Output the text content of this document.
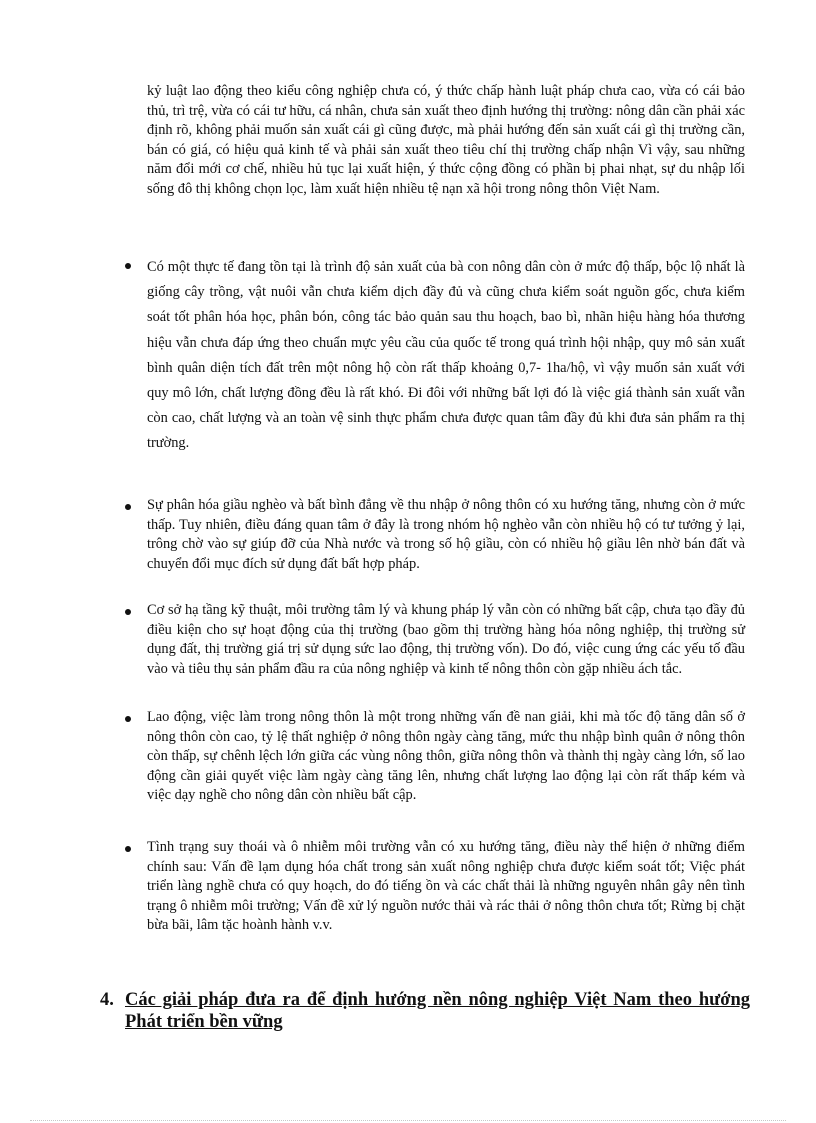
kỷ luật lao động theo kiểu công nghiệp chưa có, ý thức chấp hành luật pháp chưa cao, vừa có cái bảo thủ, trì trệ, vừa có cái tư hữu, cá nhân, chưa sản xuất theo định hướng thị trường: nông dân cần phải xác định rõ, không phải muốn sản xuất cái gì cũng được, mà phải hướng đến sản xuất cái gì thị trường cần, bán có giá, có hiệu quả kinh tế và phải sản xuất theo tiêu chí thị trường chấp nhận Vì vậy, sau những năm đổi mới cơ chế, nhiều hủ tục lại xuất hiện, ý thức cộng đồng có phần bị phai nhạt, sự du nhập lối sống đô thị không chọn lọc, làm xuất hiện nhiều tệ nạn xã hội trong nông thôn Việt Nam.

Có một thực tế đang tồn tại là trình độ sản xuất của bà con nông dân còn ở mức độ thấp, bộc lộ nhất là giống cây trồng, vật nuôi vẫn chưa kiểm dịch đầy đủ và cũng chưa kiểm soát nguồn gốc, chưa kiểm soát tốt phân hóa học, phân bón, công tác bảo quản sau thu hoạch, bao bì, nhãn hiệu hàng hóa thương hiệu vẫn chưa đáp ứng theo chuẩn mực yêu cầu của quốc tế trong quá trình hội nhập, quy mô sản xuất bình quân diện tích đất trên một nông hộ còn rất thấp khoảng 0,7- 1ha/hộ, vì vậy muốn sản xuất với quy mô lớn, chất lượng đồng đều là rất khó. Đi đôi với những bất lợi đó là việc giá thành sản xuất vẫn còn cao, chất lượng và an toàn vệ sinh thực phẩm chưa được quan tâm đầy đủ khi đưa sản phẩm ra thị trường.
Sự phân hóa giầu nghèo và bất bình đẳng về thu nhập ở nông thôn có xu hướng tăng, nhưng còn ở mức thấp. Tuy nhiên, điều đáng quan tâm ở đây là trong nhóm hộ nghèo vẫn còn nhiều hộ có tư tưởng ỷ lại, trông chờ vào sự giúp đỡ của Nhà nước và trong số hộ giầu, còn có nhiều hộ giầu lên nhờ bán đất và chuyển đổi mục đích sử dụng đất bất hợp pháp.
Cơ sở hạ tầng kỹ thuật, môi trường tâm lý và khung pháp lý vẫn còn có những bất cập, chưa tạo đầy đủ điều kiện cho sự hoạt động của thị trường (bao gồm thị trường hàng hóa nông nghiệp, thị trường sử dụng đất, thị trường giá trị sử dụng sức lao động, thị trường vốn). Do đó, việc cung ứng các yếu tố đầu vào và tiêu thụ sản phẩm đầu ra của nông nghiệp và kinh tế nông thôn còn gặp nhiều ách tắc.
Lao động, việc làm trong nông thôn là một trong những vấn đề nan giải, khi mà tốc độ tăng dân số ở nông thôn còn cao, tỷ lệ thất nghiệp ở nông thôn ngày càng tăng, mức thu nhập bình quân ở nông thôn còn thấp, sự chênh lệch lớn giữa các vùng nông thôn, giữa nông thôn và thành thị ngày càng lớn, số lao động cần giải quyết việc làm ngày càng tăng lên, nhưng chất lượng lao động lại còn rất thấp kém và việc dạy nghề cho nông dân còn nhiều bất cập.
Tình trạng suy thoái và ô nhiễm môi trường vẫn có xu hướng tăng, điều này thể hiện ở những điểm chính sau: Vấn đề lạm dụng hóa chất trong sản xuất nông nghiệp chưa được kiểm soát tốt; Việc phát triển làng nghề chưa có quy hoạch, do đó tiếng ồn và các chất thải là những nguyên nhân gây nên tình trạng ô nhiễm môi trường; Vấn đề xử lý nguồn nước thải và rác thải ở nông thôn chưa tốt; Rừng bị chặt bừa bãi, lâm tặc hoành hành v.v.
4. Các giải pháp đưa ra để định hướng nền nông nghiệp Việt Nam theo hướng Phát triển bền vững
